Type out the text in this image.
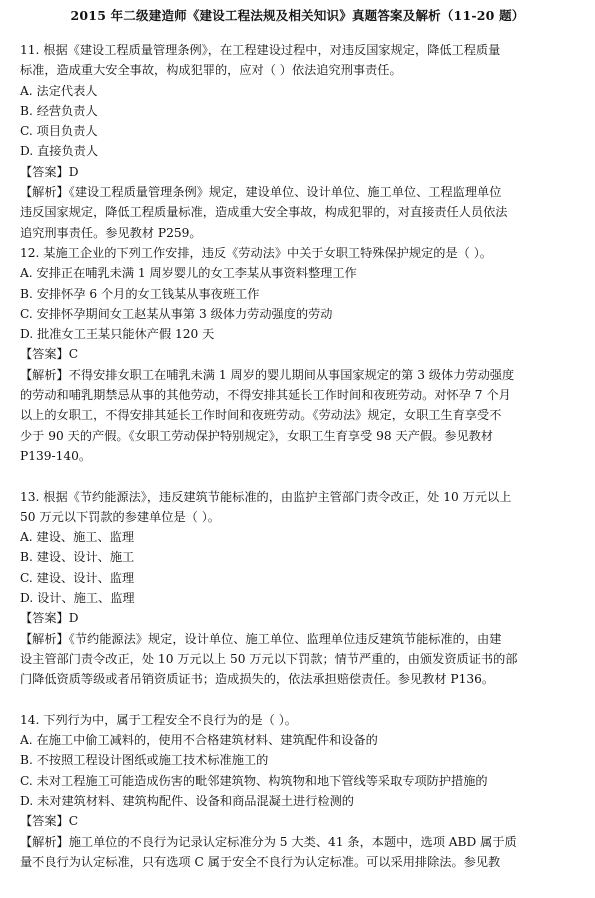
2015 年二级建造师《建设工程法规及相关知识》真题答案及解析（11-20 题）
11. 根据《建设工程质量管理条例》，在工程建设过程中，对违反国家规定，降低工程质量
标准，造成重大安全事故，构成犯罪的，应对（ ）依法追究刑事责任。
A. 法定代表人
B. 经营负责人
C. 项目负责人
D. 直接负责人
【答案】D
【解析】《建设工程质量管理条例》规定，建设单位、设计单位、施工单位、工程监理单位
违反国家规定，降低工程质量标准，造成重大安全事故，构成犯罪的，对直接责任人员依法
追究刑事责任。参见教材 P259。
12. 某施工企业的下列工作安排，违反《劳动法》中关于女职工特殊保护规定的是（ ）。
A. 安排正在哺乳未满 1 周岁婴儿的女工李某从事资料整理工作
B. 安排怀孕 6 个月的女工钱某从事夜班工作
C. 安排怀孕期间女工赵某从事第 3 级体力劳动强度的劳动
D. 批准女工王某只能休产假 120 天
【答案】C
【解析】不得安排女职工在哺乳未满 1 周岁的婴儿期间从事国家规定的第 3 级体力劳动强度
的劳动和哺乳期禁忌从事的其他劳动，不得安排其延长工作时间和夜班劳动。对怀孕 7 个月
以上的女职工，不得安排其延长工作时间和夜班劳动。《劳动法》规定，女职工生育享受不
少于 90 天的产假。《女职工劳动保护特别规定》，女职工生育享受 98 天产假。参见教材
P139-140。
13. 根据《节约能源法》，违反建筑节能标准的，由监护主管部门责令改正，处 10 万元以上
50 万元以下罚款的参建单位是（ ）。
A. 建设、施工、监理
B. 建设、设计、施工
C. 建设、设计、监理
D. 设计、施工、监理
【答案】D
【解析】《节约能源法》规定，设计单位、施工单位、监理单位违反建筑节能标准的，由建
设主管部门责令改正，处 10 万元以上 50 万元以下罚款；情节严重的，由颁发资质证书的部
门降低资质等级或者吊销资质证书；造成损失的，依法承担赔偿责任。参见教材 P136。
14. 下列行为中，属于工程安全不良行为的是（ ）。
A. 在施工中偷工减料的，使用不合格建筑材料、建筑配件和设备的
B. 不按照工程设计图纸或施工技术标准施工的
C. 未对工程施工可能造成伤害的毗邻建筑物、构筑物和地下管线等采取专项防护措施的
D. 未对建筑材料、建筑构配件、设备和商品混凝土进行检测的
【答案】C
【解析】施工单位的不良行为记录认定标准分为 5 大类、41 条，本题中，选项 ABD 属于质
量不良行为认定标准，只有选项 C 属于安全不良行为认定标准。可以采用排除法。参见教
